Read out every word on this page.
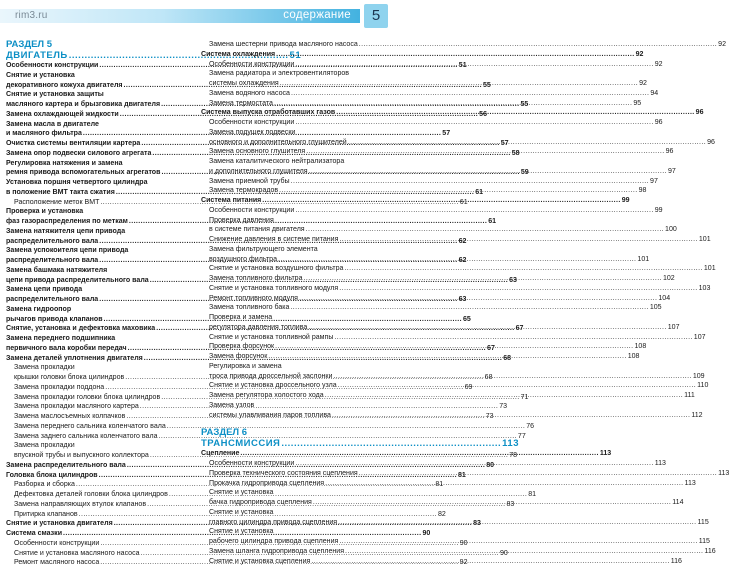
rim3.ru	содержание	5
РАЗДЕЛ 5
ДВИГАТЕЛЬ .....	51
Особенности конструкции .....	51
Снятие и установка
декоративного кожуха двигателя .....	55
Снятие и установка защиты
масляного картера и брызговика двигателя .....	55
Замена охлаждающей жидкости .....	56
Замена масла в двигателе
и масляного фильтра .....	57
Очистка системы вентиляции картера .....	57
Замена опор подвески силового агрегата .....	58
Регулировка натяжения и замена
ремня привода вспомогательных агрегатов .....	59
Установка поршня четвертого цилиндра
в положение ВМТ такта сжатия .....	61
Расположение меток ВМТ .....	61
Проверка и установка
фаз газораспределения по меткам .....	61
Замена натяжителя цепи привода
распределительного вала .....	62
Замена успокоителя цепи привода
распределительного вала .....	62
Замена башмака натяжителя
цепи привода распределительного вала .....	63
Замена цепи привода
распределительного вала .....	63
Замена гидроопор
рычагов привода клапанов .....	65
Снятие, установка и дефектовка маховика .....	67
Замена переднего подшипника
первичного вала коробки передач .....	67
Замена деталей уплотнения двигателя .....	68
Замена прокладки
крышки головки блока цилиндров .....	68
Замена прокладки поддона .....	69
Замена прокладки головки блока цилиндров .....	71
Замена прокладки масляного картера .....	73
Замена маслосъемных колпачков .....	73
Замена переднего сальника коленчатого вала .....	76
Замена заднего сальника коленчатого вала .....	77
Замена прокладки
впускной трубы и выпускного коллектора .....	78
Замена распределительного вала .....	80
Головка блока цилиндров .....	81
Разборка и сборка .....	81
Дефектовка деталей головки блока цилиндров .....	81
Замена направляющих втулок клапанов .....	83
Притирка клапанов .....	82
Снятие и установка двигателя .....	83
Система смазки .....	90
Особенности конструкции .....	90
Снятие и установка масляного насоса .....	90
Ремонт масляного насоса .....	92
Замена шестерни привода масляного насоса .....	92
Система охлаждения .....	92
Особенности конструкции .....	92
Замена радиатора и электровентиляторов
системы охлаждения .....	92
Замена водяного насоса .....	94
Замена термостата .....	95
Система выпуска отработавших газов .....	96
Особенности конструкции .....	96
Замена подушек подвески
основного и дополнительного глушителей .....	96
Замена основного глушителя .....	96
Замена каталитического нейтрализатора
и дополнительного глушителя .....	97
Замена приемной трубы .....	97
Замена термокрадов .....	98
Система питания .....	99
Особенности конструкции .....	99
Проверка давления
в системе питания двигателя .....	100
Снижение давления в системе питания .....	101
Замена фильтрующего элемента
воздушного фильтра .....	101
Снятие и установка воздушного фильтра .....	101
Замена топливного фильтра .....	102
Снятие и установка топливного модуля .....	103
Ремонт топливного модуля .....	104
Замена топливного бака .....	105
Проверка и замена
регулятора давления топлива .....	107
Снятие и установка топливной рампы .....	107
Проверка форсунок .....	108
Замена форсунок .....	108
Регулировка и замена
троса привода дроссельной заслонки .....	109
Снятие и установка дроссельного узла .....	110
Замена регулятора холостого хода .....	111
Замена узлов
системы улавливания паров топлива .....	112
РАЗДЕЛ 6
ТРАНСМИССИЯ .....	113
Сцепление .....	113
Особенности конструкции .....	113
Проверка технического состояния сцепления .....	113
Прокачка гидропривода сцепления .....	113
Снятие и установка
бачка гидропривода сцепления .....	114
Снятие и установка
главного цилиндра привода сцепления .....	115
Снятие и установка
рабочего цилиндра привода сцепления .....	115
Замена шланга гидропривода сцепления .....	116
Снятие и установка сцепления .....	116
